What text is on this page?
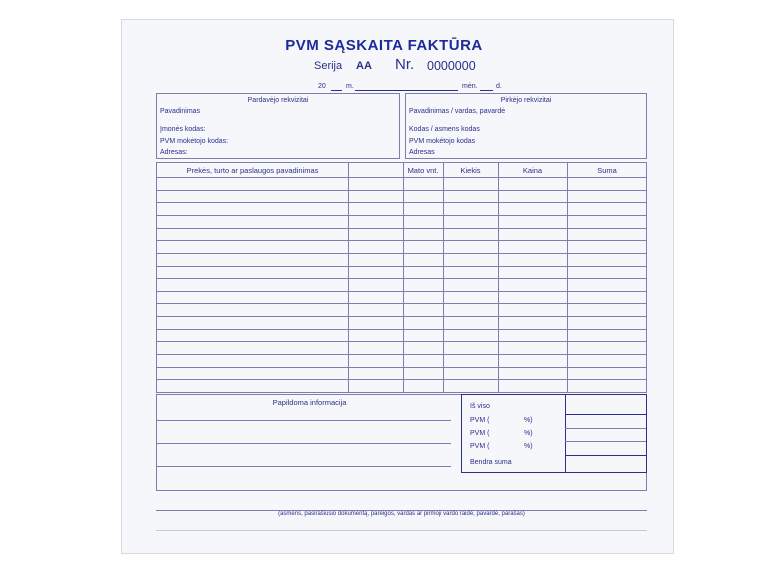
PVM SĄSKAITA FAKTŪRA
Serija AA Nr. 0000000
20	m.	mėn.	d.
Pardavėjo rekvizitai
Pavadinimas
Įmonės kodas:
PVM mokėtojo kodas:
Adresas:
Pirkėjo rekvizitai
Pavadinimas / vardas, pavardė
Kodas / asmens kodas
PVM mokėtojo kodas
Adresas
Prekės, turto ar paslaugos pavadinimas	Mato vnt.	Kiekis	Kaina	Suma
Papildoma informacija	Iš viso
PVM (	%)
PVM (	%)
PVM (	%)
Bendra suma
(asmens, pasirašiusio dokumentą, pareigos, vardas ar pirmoji vardo raidė, pavardė, parašas)
